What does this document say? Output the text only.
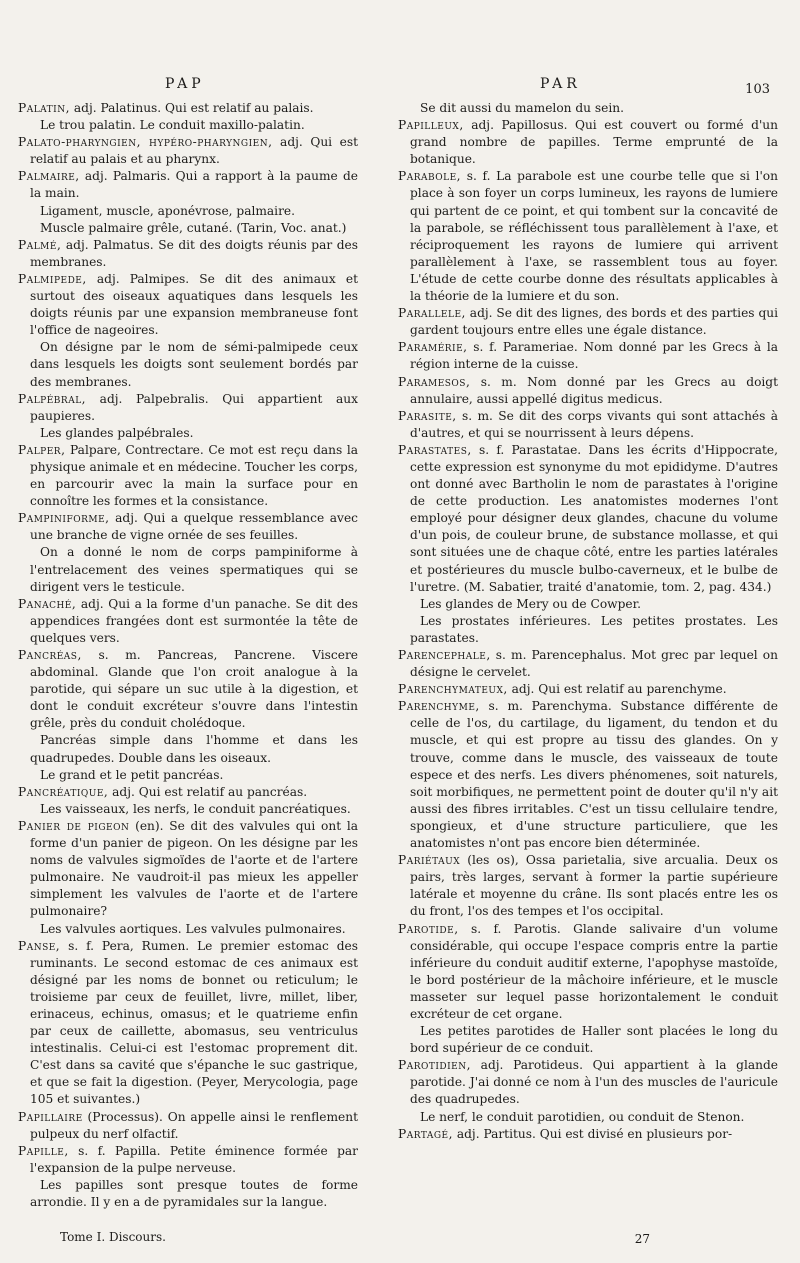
PAP	PAR	103

Palatin, adj. Palatinus. Qui est relatif au palais.

Le trou palatin. Le conduit maxillo-palatin.

Palato-pharyngien, hypéro-pharyngien, adj. Qui est relatif au palais et au pharynx.

Palmaire, adj. Palmaris. Qui a rapport à la paume de la main.

Ligament, muscle, aponévrose, palmaire.

Muscle palmaire grêle, cutané. (Tarin, Voc. anat.)

Palmé, adj. Palmatus. Se dit des doigts réunis par des membranes.

Palmipede, adj. Palmipes. Se dit des animaux et surtout des oiseaux aquatiques dans lesquels les doigts réunis par une expansion membraneuse font l'office de nageoires.

On désigne par le nom de sémi-palmipede ceux dans lesquels les doigts sont seulement bordés par des membranes.

Palpébral, adj. Palpebralis. Qui appartient aux paupieres.

Les glandes palpébrales.

Palper, Palpare, Contrectare. Ce mot est reçu dans la physique animale et en médecine. Toucher les corps, en parcourir avec la main la surface pour en connoître les formes et la consistance.

Pampiniforme, adj. Qui a quelque ressemblance avec une branche de vigne ornée de ses feuilles.

On a donné le nom de corps pampiniforme à l'entrelacement des veines spermatiques qui se dirigent vers le testicule.

Panaché, adj. Qui a la forme d'un panache. Se dit des appendices frangées dont est surmontée la tête de quelques vers.

Pancréas, s. m. Pancreas, Pancrene. Viscere abdominal. Glande que l'on croit analogue à la parotide, qui sépare un suc utile à la digestion, et dont le conduit excréteur s'ouvre dans l'intestin grêle, près du conduit cholédoque.

Pancréas simple dans l'homme et dans les quadrupedes. Double dans les oiseaux.

Le grand et le petit pancréas.

Pancréatique, adj. Qui est relatif au pancréas.

Les vaisseaux, les nerfs, le conduit pancréatiques.

Panier de pigeon (en). Se dit des valvules qui ont la forme d'un panier de pigeon. On les désigne par les noms de valvules sigmoïdes de l'aorte et de l'artere pulmonaire. Ne vaudroit-il pas mieux les appeller simplement les valvules de l'aorte et de l'artere pulmonaire?

Les valvules aortiques. Les valvules pulmonaires.

Panse, s. f. Pera, Rumen. Le premier estomac des ruminants. Le second estomac de ces animaux est désigné par les noms de bonnet ou reticulum; le troisieme par ceux de feuillet, livre, millet, liber, erinaceus, echinus, omasus; et le quatrieme enfin par ceux de caillette, abomasus, seu ventriculus intestinalis. Celui-ci est l'estomac proprement dit. C'est dans sa cavité que s'épanche le suc gastrique, et que se fait la digestion. (Peyer, Merycologia, page 105 et suivantes.)

Papillaire (Processus). On appelle ainsi le renflement pulpeux du nerf olfactif.

Papille, s. f. Papilla. Petite éminence formée par l'expansion de la pulpe nerveuse.

Les papilles sont presque toutes de forme arrondie. Il y en a de pyramidales sur la langue.

Se dit aussi du mamelon du sein.

Papilleux, adj. Papillosus. Qui est couvert ou formé d'un grand nombre de papilles. Terme emprunté de la botanique.

Parabole, s. f. La parabole est une courbe telle que si l'on place à son foyer un corps lumineux, les rayons de lumiere qui partent de ce point, et qui tombent sur la concavité de la parabole, se réfléchissent tous parallèlement à l'axe, et réciproquement les rayons de lumiere qui arrivent parallèlement à l'axe, se rassemblent tous au foyer. L'étude de cette courbe donne des résultats applicables à la théorie de la lumiere et du son.

Parallele, adj. Se dit des lignes, des bords et des parties qui gardent toujours entre elles une égale distance.

Paramérie, s. f. Parameriae. Nom donné par les Grecs à la région interne de la cuisse.

Paramesos, s. m. Nom donné par les Grecs au doigt annulaire, aussi appellé digitus medicus.

Parasite, s. m. Se dit des corps vivants qui sont attachés à d'autres, et qui se nourrissent à leurs dépens.

Parastates, s. f. Parastatae. Dans les écrits d'Hippocrate, cette expression est synonyme du mot epididyme. D'autres ont donné avec Bartholin le nom de parastates à l'origine de cette production. Les anatomistes modernes l'ont employé pour désigner deux glandes, chacune du volume d'un pois, de couleur brune, de substance mollasse, et qui sont situées une de chaque côté, entre les parties latérales et postérieures du muscle bulbo-caverneux, et le bulbe de l'uretre. (M. Sabatier, traité d'anatomie, tom. 2, pag. 434.)

Les glandes de Mery ou de Cowper.

Les prostates inférieures. Les petites prostates. Les parastates.

Parencephale, s. m. Parencephalus. Mot grec par lequel on désigne le cervelet.

Parenchymateux, adj. Qui est relatif au parenchyme.

Parenchyme, s. m. Parenchyma. Substance différente de celle de l'os, du cartilage, du ligament, du tendon et du muscle, et qui est propre au tissu des glandes. On y trouve, comme dans le muscle, des vaisseaux de toute espece et des nerfs. Les divers phénomenes, soit naturels, soit morbifiques, ne permettent point de douter qu'il n'y ait aussi des fibres irritables. C'est un tissu cellulaire tendre, spongieux, et d'une structure particuliere, que les anatomistes n'ont pas encore bien déterminée.

Pariétaux (les os), Ossa parietalia, sive arcualia. Deux os pairs, très larges, servant à former la partie supérieure latérale et moyenne du crâne. Ils sont placés entre les os du front, l'os des tempes et l'os occipital.

Parotide, s. f. Parotis. Glande salivaire d'un volume considérable, qui occupe l'espace compris entre la partie inférieure du conduit auditif externe, l'apophyse mastoïde, le bord postérieur de la mâchoire inférieure, et le muscle masseter sur lequel passe horizontalement le conduit excréteur de cet organe.

Les petites parotides de Haller sont placées le long du bord supérieur de ce conduit.

Parotidien, adj. Parotideus. Qui appartient à la glande parotide. J'ai donné ce nom à l'un des muscles de l'auricule des quadrupedes.

Le nerf, le conduit parotidien, ou conduit de Stenon.

Partagé, adj. Partitus. Qui est divisé en plusieurs por-

Tome I. Discours.	27
